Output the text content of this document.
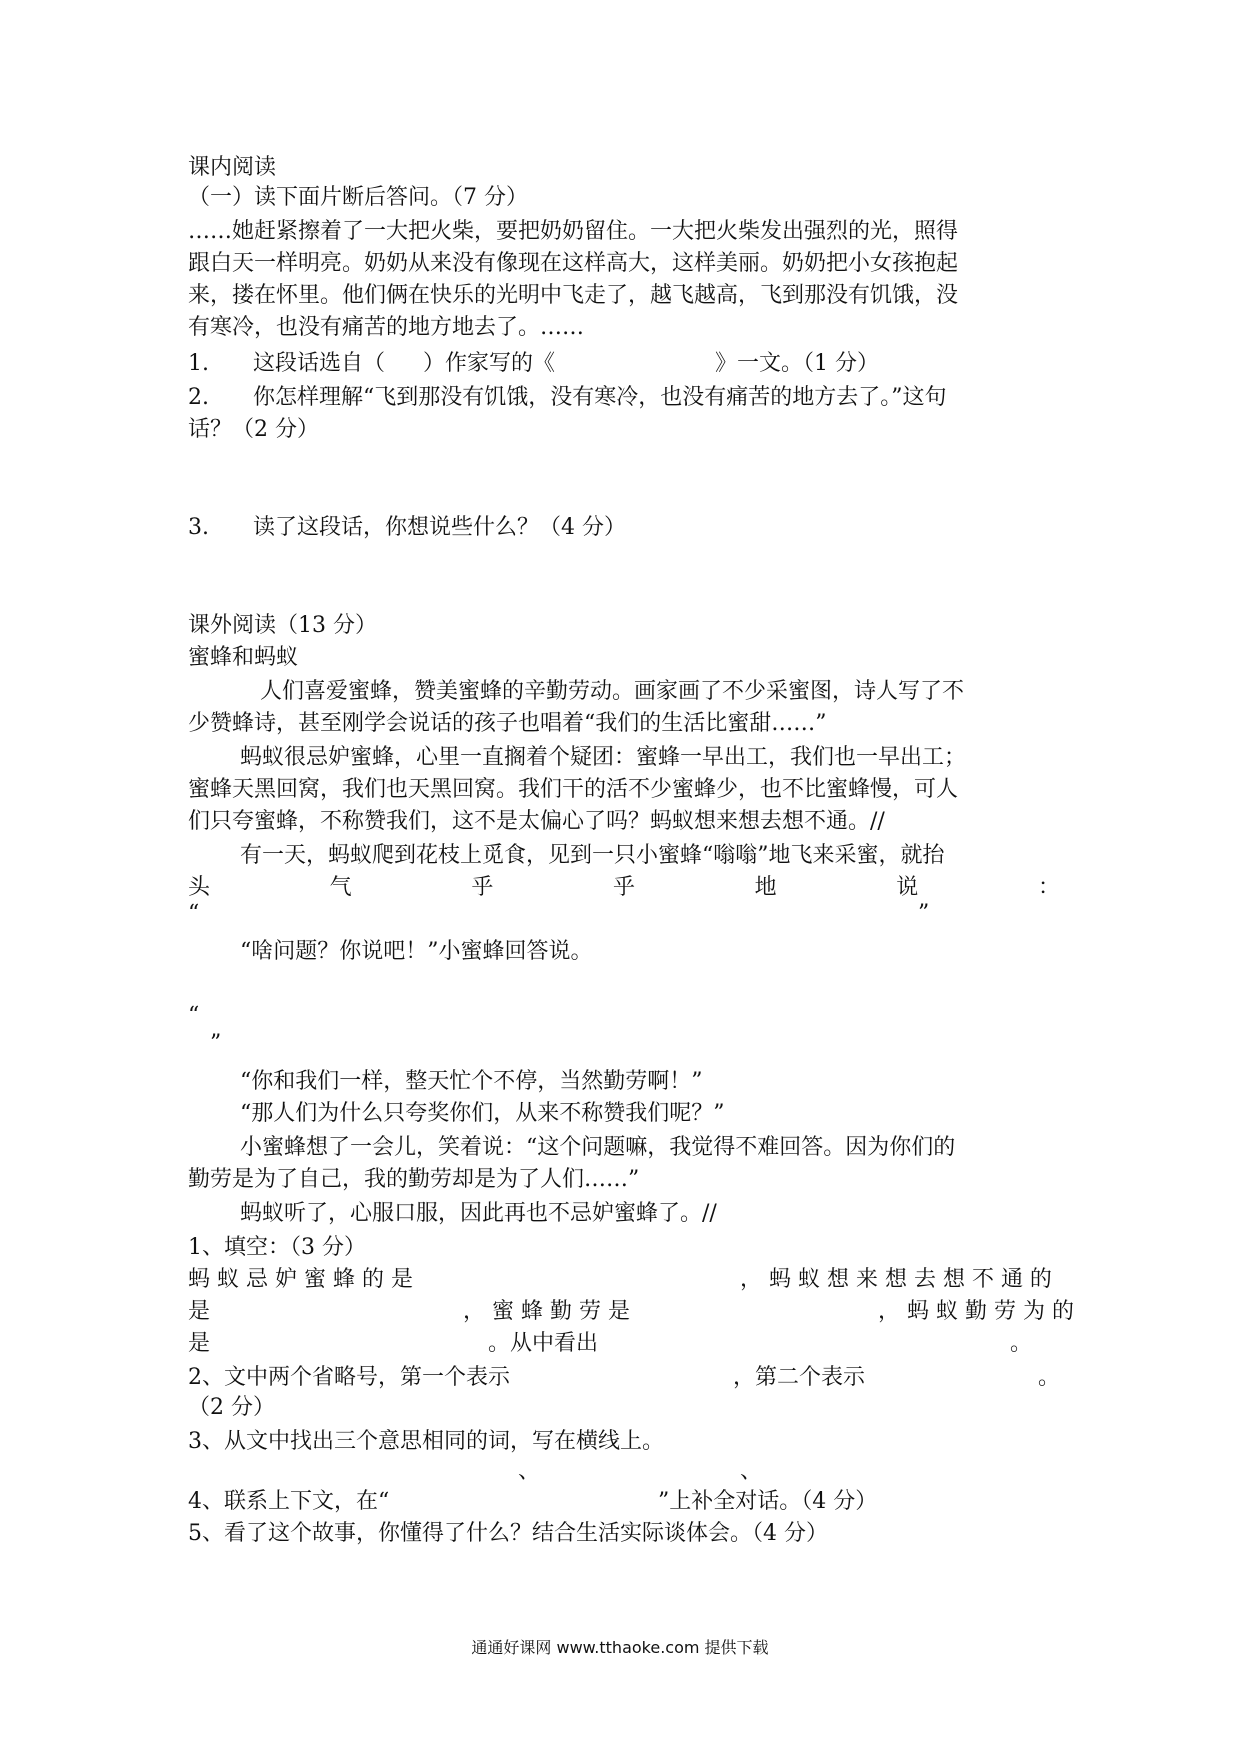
课内阅读
（一）读下面片断后答问。（7 分）
……她赶紧擦着了一大把火柴，要把奶奶留住。一大把火柴发出强烈的光，照得
跟白天一样明亮。奶奶从来没有像现在这样高大，这样美丽。奶奶把小女孩抱起
来，搂在怀里。他们俩在快乐的光明中飞走了，越飞越高，飞到那没有饥饿，没
有寒冷，也没有痛苦的地方地去了。……
1. 这段话选自（ ）作家写的《	》一文。（1 分）
2. 你怎样理解“飞到那没有饥饿，没有寒冷，也没有痛苦的地方去了。”这句
话？（2 分）
3. 读了这段话，你想说些什么？（4 分）
课外阅读（13 分）
蜜蜂和蚂蚁
人们喜爱蜜蜂，赞美蜜蜂的辛勤劳动。画家画了不少采蜜图，诗人写了不
少赞蜂诗，甚至刚学会说话的孩子也唱着“我们的生活比蜜甜……”
蚂蚁很忌妒蜜蜂，心里一直搁着个疑团：蜜蜂一早出工，我们也一早出工；
蜜蜂天黑回窝，我们也天黑回窝。我们干的活不少蜜蜂少，也不比蜜蜂慢，可人
们只夸蜜蜂，不称赞我们，这不是太偏心了吗？蚂蚁想来想去想不通。//
有一天，蚂蚁爬到花枝上觅食，见到一只小蜜蜂“嗡嗡”地飞来采蜜，就抬
头	气	乎	乎	地	说	：
“	”
“啥问题？你说吧！”小蜜蜂回答说。
“
”
“你和我们一样，整天忙个不停，当然勤劳啊！”
“那人们为什么只夸奖你们，从来不称赞我们呢？”
小蜜蜂想了一会儿，笑着说：“这个问题嘛，我觉得不难回答。因为你们的
勤劳是为了自己，我的勤劳却是为了人们……”
蚂蚁听了，心服口服，因此再也不忌妒蜜蜂了。//
1、填空：（3 分）
蚂 蚁 忌 妒 蜜 蜂 的 是	， 蚂 蚁 想 来 想 去 想 不 通 的
是	， 蜜 蜂 勤 劳 是	， 蚂 蚁 勤 劳 为 的
是	。从中看出	。
2、文中两个省略号，第一个表示	，第二个表示	。
（2 分）
3、从文中找出三个意思相同的词，写在横线上。
、	、
4、联系上下文，在“	”上补全对话。（4 分）
5、看了这个故事，你懂得了什么？结合生活实际谈体会。（4 分）
通通好课网 www.tthaoke.com 提供下载
